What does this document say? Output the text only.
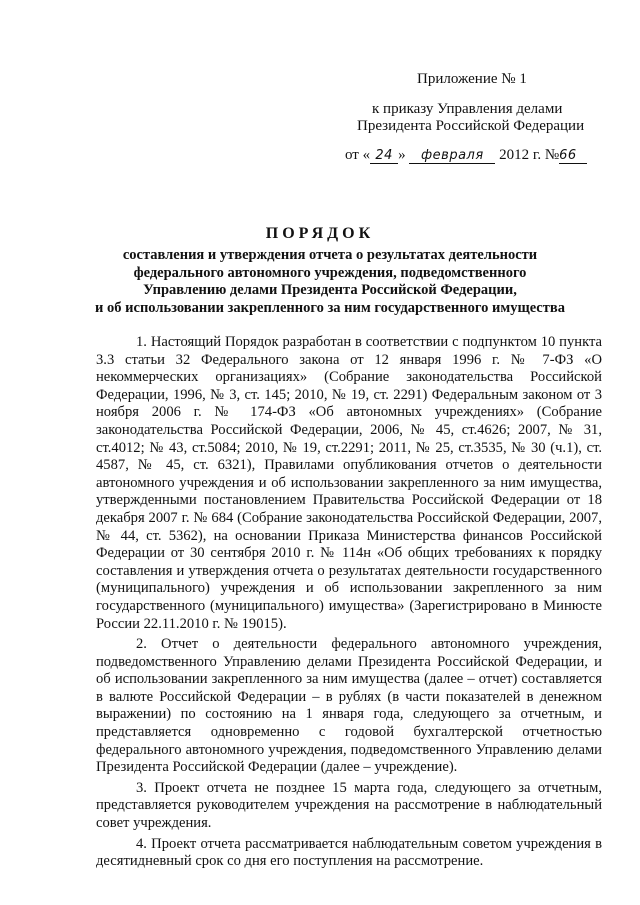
Приложение № 1
к приказу Управления делами
Президента Российской Федерации
от « 24 » февраля 2012 г. №66
ПОРЯДОК
составления и утверждения отчета о результатах деятельности
федерального автономного учреждения, подведомственного
Управлению делами Президента Российской Федерации,
и об использовании закрепленного за ним государственного имущества

1. Настоящий Порядок разработан в соответствии с подпунктом 10 пункта 3.3 статьи 32 Федерального закона от 12 января 1996 г. № 7-ФЗ «О некоммерческих организациях» (Собрание законодательства Российской Федерации, 1996, № 3, ст. 145; 2010, № 19, ст. 2291) Федеральным законом от 3 ноября 2006 г. № 174-ФЗ «Об автономных учреждениях» (Собрание законодательства Российской Федерации, 2006, № 45, ст.4626; 2007, № 31, ст.4012; № 43, ст.5084; 2010, № 19, ст.2291; 2011, № 25, ст.3535, № 30 (ч.1), ст. 4587, № 45, ст. 6321), Правилами опубликования отчетов о деятельности автономного учреждения и об использовании закрепленного за ним имущества, утвержденными постановлением Правительства Российской Федерации от 18 декабря 2007 г. № 684 (Собрание законодательства Российской Федерации, 2007, № 44, ст. 5362), на основании Приказа Министерства финансов Российской Федерации от 30 сентября 2010 г. № 114н «Об общих требованиях к порядку составления и утверждения отчета о результатах деятельности государственного (муниципального) учреждения и об использовании закрепленного за ним государственного (муниципального) имущества» (Зарегистрировано в Минюсте России 22.11.2010 г. № 19015).

2. Отчет о деятельности федерального автономного учреждения, подведомственного Управлению делами Президента Российской Федерации, и об использовании закрепленного за ним имущества (далее – отчет) составляется в валюте Российской Федерации – в рублях (в части показателей в денежном выражении) по состоянию на 1 января года, следующего за отчетным, и представляется одновременно с годовой бухгалтерской отчетностью федерального автономного учреждения, подведомственного Управлению делами Президента Российской Федерации (далее – учреждение).

3. Проект отчета не позднее 15 марта года, следующего за отчетным, представляется руководителем учреждения на рассмотрение в наблюдательный совет учреждения.

4. Проект отчета рассматривается наблюдательным советом учреждения в десятидневный срок со дня его поступления на рассмотрение.
